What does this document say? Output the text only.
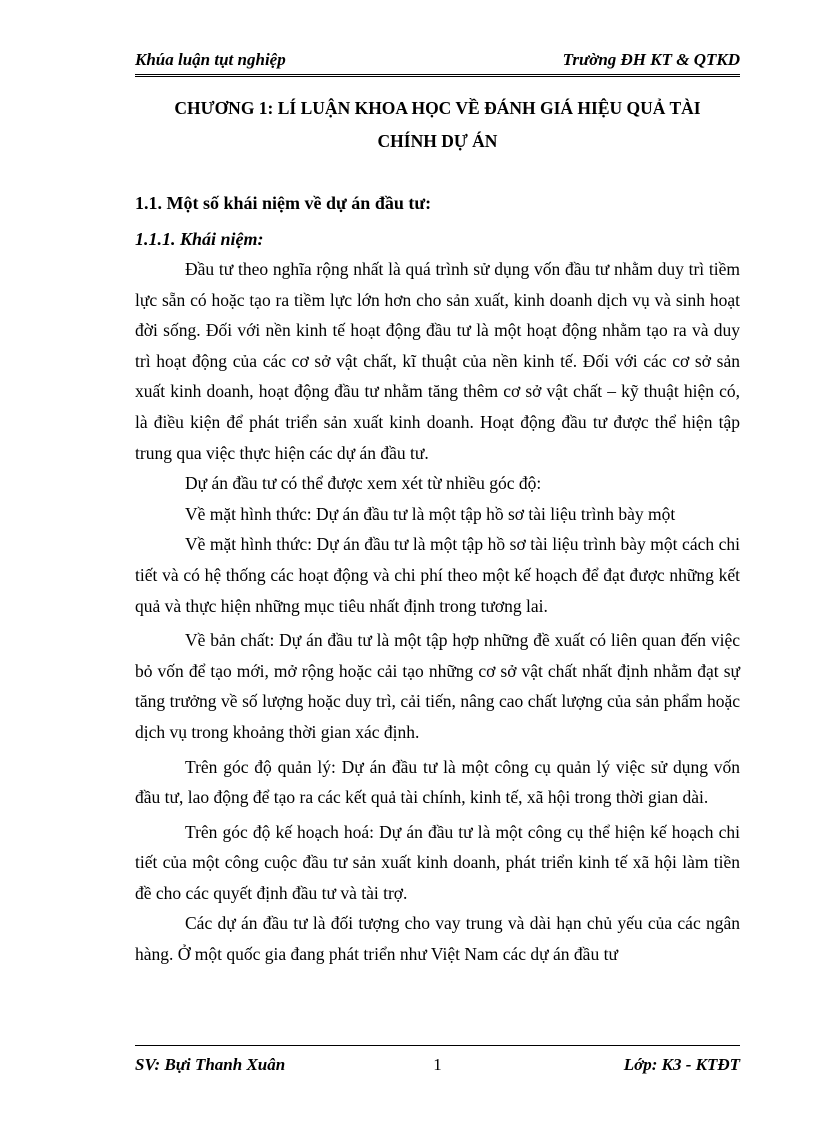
Khúa luận tụt nghiệp	Trường ĐH KT & QTKD
CHƯƠNG 1: LÍ LUẬN KHOA HỌC VỀ ĐÁNH GIÁ HIỆU QUẢ TÀI
CHÍNH DỰ ÁN
1.1. Một số khái niệm về dự án đầu tư:
1.1.1. Khái niệm:

Đầu tư theo nghĩa rộng nhất là quá trình sử dụng vốn đầu tư nhằm duy trì tiềm lực sẵn có hoặc tạo ra tiềm lực lớn hơn cho sản xuất, kinh doanh dịch vụ và sinh hoạt đời sống. Đối với nền kinh tế hoạt động đầu tư là một hoạt động nhằm tạo ra và duy trì hoạt động của các cơ sở vật chất, kĩ thuật của nền kinh tế. Đối với các cơ sở sản xuất kinh doanh, hoạt động đầu tư nhằm tăng thêm cơ sở vật chất – kỹ thuật hiện có, là điều kiện để phát triển sản xuất kinh doanh. Hoạt động đầu tư được thể hiện tập trung qua việc thực hiện các dự án đầu tư.

Dự án đầu tư có thể được xem xét từ nhiều góc độ:

Về mặt hình thức: Dự án đầu tư là một tập hồ sơ tài liệu trình bày một

Về mặt hình thức: Dự án đầu tư là một tập hồ sơ tài liệu trình bày một cách chi tiết và có hệ thống các hoạt động và chi phí theo một kế hoạch để đạt được những kết quả và thực hiện những mục tiêu nhất định trong tương lai.

Về bản chất: Dự án đầu tư là một tập hợp những đề xuất có liên quan đến việc bỏ vốn để tạo mới, mở rộng hoặc cải tạo những cơ sở vật chất nhất định nhằm đạt sự tăng trưởng về số lượng hoặc duy trì, cải tiến, nâng cao chất lượng của sản phẩm hoặc dịch vụ trong khoảng thời gian xác định.

Trên góc độ quản lý: Dự án đầu tư là một công cụ quản lý việc sử dụng vốn đầu tư, lao động để tạo ra các kết quả tài chính, kinh tế, xã hội trong thời gian dài.

Trên góc độ kế hoạch hoá: Dự án đầu tư là một công cụ thể hiện kế hoạch chi tiết của một công cuộc đầu tư sản xuất kinh doanh, phát triển kinh tế xã hội làm tiền đề cho các quyết định đầu tư và tài trợ.

Các dự án đầu tư là đối tượng cho vay trung và dài hạn chủ yếu của các ngân hàng. Ở một quốc gia đang phát triển như Việt Nam các dự án đầu tư

SV: Bựi Thanh Xuân	1	Lớp: K3 - KTĐT
